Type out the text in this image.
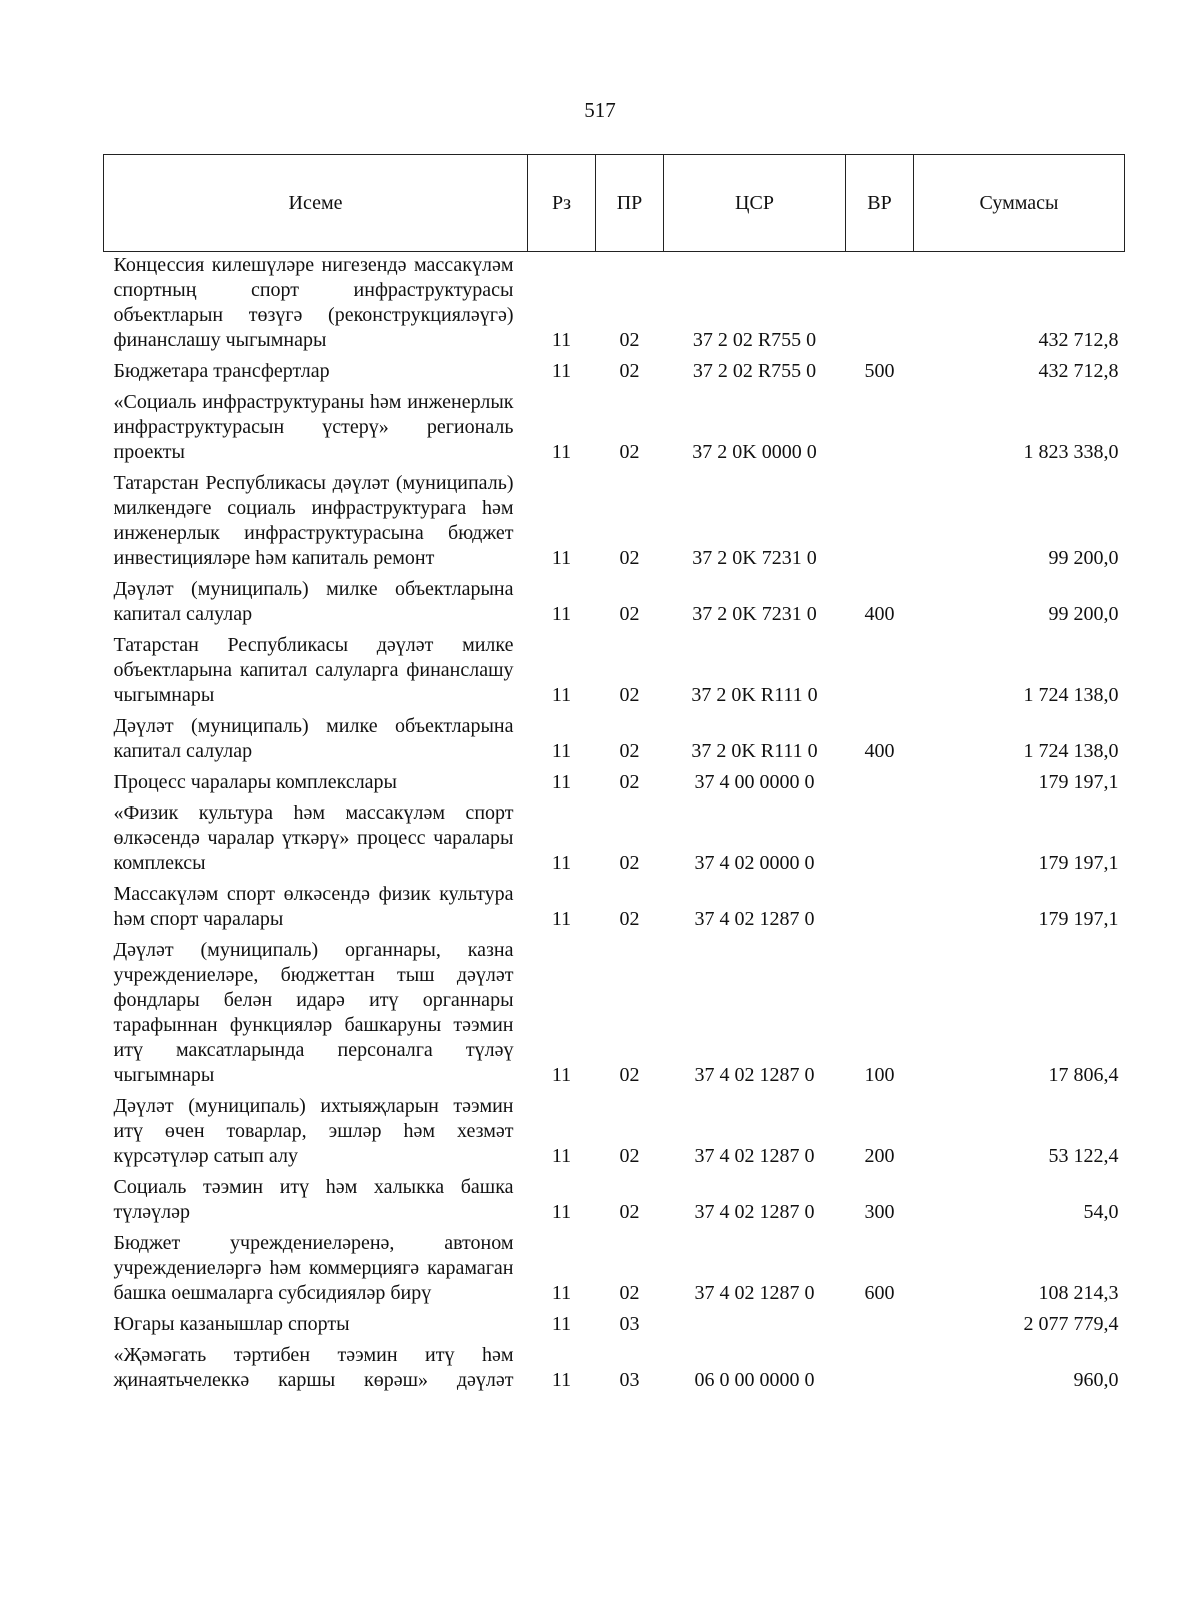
517
Исеме	Рз	ПР	ЦСР	ВР	Суммасы
Концессия килешүләре нигезендә массакүләм спортның спорт инфраструктурасы объектларын төзүгә (реконструкцияләүгә) финанслашу чыгымнары	11	02	37 2 02 R755 0		432 712,8
Бюджетара трансфертлар	11	02	37 2 02 R755 0	500	432 712,8
«Социаль инфраструктураны һәм инженерлык инфраструктурасын үстерү» региональ проекты	11	02	37 2 0K 0000 0		1 823 338,0
Татарстан Республикасы дәүләт (муниципаль) милкендәге социаль инфраструктурага һәм инженерлык инфраструктурасына бюджет инвестицияләре һәм капиталь ремонт	11	02	37 2 0K 7231 0		99 200,0
Дәүләт (муниципаль) милке объектларына капитал салулар	11	02	37 2 0K 7231 0	400	99 200,0
Татарстан Республикасы дәүләт милке объектларына капитал салуларга финанслашу чыгымнары	11	02	37 2 0K R111 0		1 724 138,0
Дәүләт (муниципаль) милке объектларына капитал салулар	11	02	37 2 0K R111 0	400	1 724 138,0
Процесс чаралары комплекслары	11	02	37 4 00 0000 0		179 197,1
«Физик культура һәм массакүләм спорт өлкәсендә чаралар үткәрү» процесс чаралары комплексы	11	02	37 4 02 0000 0		179 197,1
Массакүләм спорт өлкәсендә физик культура һәм спорт чаралары	11	02	37 4 02 1287 0		179 197,1
Дәүләт (муниципаль) органнары, казна учреждениеләре, бюджеттан тыш дәүләт фондлары белән идарә итү органнары тарафыннан функцияләр башкаруны тәэмин итү максатларында персоналга түләү чыгымнары	11	02	37 4 02 1287 0	100	17 806,4
Дәүләт (муниципаль) ихтыяҗларын тәэмин итү өчен товарлар, эшләр һәм хезмәт күрсәтүләр сатып алу	11	02	37 4 02 1287 0	200	53 122,4
Социаль тәэмин итү һәм халыкка башка түләүләр	11	02	37 4 02 1287 0	300	54,0
Бюджет учреждениеләренә, автоном учреждениеләргә һәм коммерциягә карамаган башка оешмаларга субсидияләр бирү	11	02	37 4 02 1287 0	600	108 214,3
Югары казанышлар спорты	11	03			2 077 779,4
«Җәмәгать тәртибен тәэмин итү һәм җинаятьчелеккә каршы көрәш» дәүләт	11	03	06 0 00 0000 0		960,0
